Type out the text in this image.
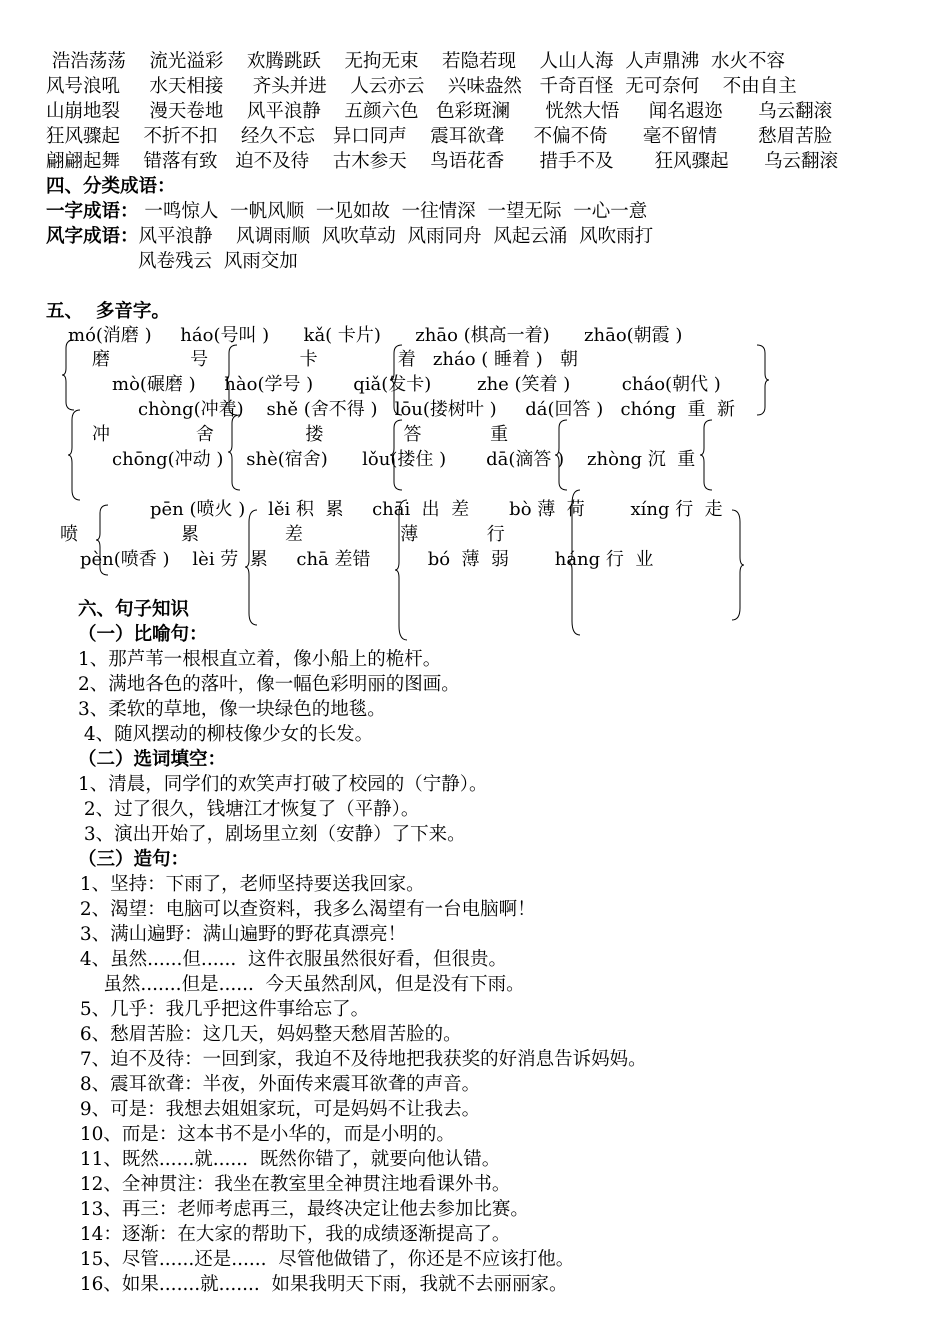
浩浩荡荡    流光溢彩    欢腾跳跃    无拘无束    若隐若现    人山人海  人声鼎沸  水火不容
风号浪吼     水天相接     齐头并进    人云亦云    兴味盎然   千奇百怪  无可奈何    不由自主
山崩地裂     漫天卷地    风平浪静    五颜六色   色彩斑澜      恍然大悟     闻名遐迩      乌云翻滚
狂风骤起    不折不扣    经久不忘   异口同声    震耳欲聋     不偏不倚      毫不留情       愁眉苦脸
翩翩起舞    错落有致   迫不及待    古木参天    鸟语花香      措手不及       狂风骤起      乌云翻滚
四、分类成语：
一字成语： 一鸣惊人  一帆风顺  一见如故  一往情深  一望无际  一心一意
风字成语：风平浪静    风调雨顺  风吹草动  风雨同舟  风起云涌  风吹雨打
风卷残云  风雨交加
五、  多音字。
mó(消磨 )     háo(号叫 )      kǎ( 卡片)      zhāo (棋高一着)      zhāo(朝霞 )
磨              号                卡              着   zháo ( 睡着 )   朝
mò(碾磨 )     hào(学号 )       qiǎ(发卡)        zhe (笑着 )         cháo(朝代 )
chòng(冲着)    shě (舍不得 )   lōu(搂树叶 )     dá(回答 )   chóng  重  新
冲               舍                搂              答            重
chōng(冲动 )    shè(宿舍)      lǒu(搂住 )       dā(滴答 )    zhòng 沉  重
pēn (喷火 )    lěi 积  累     chāi  出  差       bò 薄  荷        xíng 行  走
喷                  累               差                 薄            行
pèn(喷香 )    lèi 劳  累     chā 差错          bó  薄  弱        háng 行  业
六、句子知识
（一）比喻句：
1、那芦苇一根根直立着，像小船上的桅杆。
2、满地各色的落叶，像一幅色彩明丽的图画。
3、柔软的草地，像一块绿色的地毯。
4、随风摆动的柳枝像少女的长发。
（二）选词填空：
1、清晨，同学们的欢笑声打破了校园的（宁静）。
2、过了很久，钱塘江才恢复了（平静）。
3、演出开始了，剧场里立刻（安静）了下来。
（三）造句：
1、坚持：下雨了，老师坚持要送我回家。
2、渴望：电脑可以查资料，我多么渴望有一台电脑啊！
3、满山遍野：满山遍野的野花真漂亮！
4、虽然......但......  这件衣服虽然很好看，但很贵。
虽然.......但是......  今天虽然刮风，但是没有下雨。
5、几乎：我几乎把这件事给忘了。
6、愁眉苦脸：这几天，妈妈整天愁眉苦脸的。
7、迫不及待：一回到家，我迫不及待地把我获奖的好消息告诉妈妈。
8、震耳欲聋：半夜，外面传来震耳欲聋的声音。
9、可是：我想去姐姐家玩，可是妈妈不让我去。
10、而是：这本书不是小华的，而是小明的。
11、既然......就......  既然你错了，就要向他认错。
12、全神贯注：我坐在教室里全神贯注地看课外书。
13、再三：老师考虑再三，最终决定让他去参加比赛。
14：逐渐：在大家的帮助下，我的成绩逐渐提高了。
15、尽管......还是......  尽管他做错了，你还是不应该打他。
16、如果.......就.......  如果我明天下雨，我就不去丽丽家。
